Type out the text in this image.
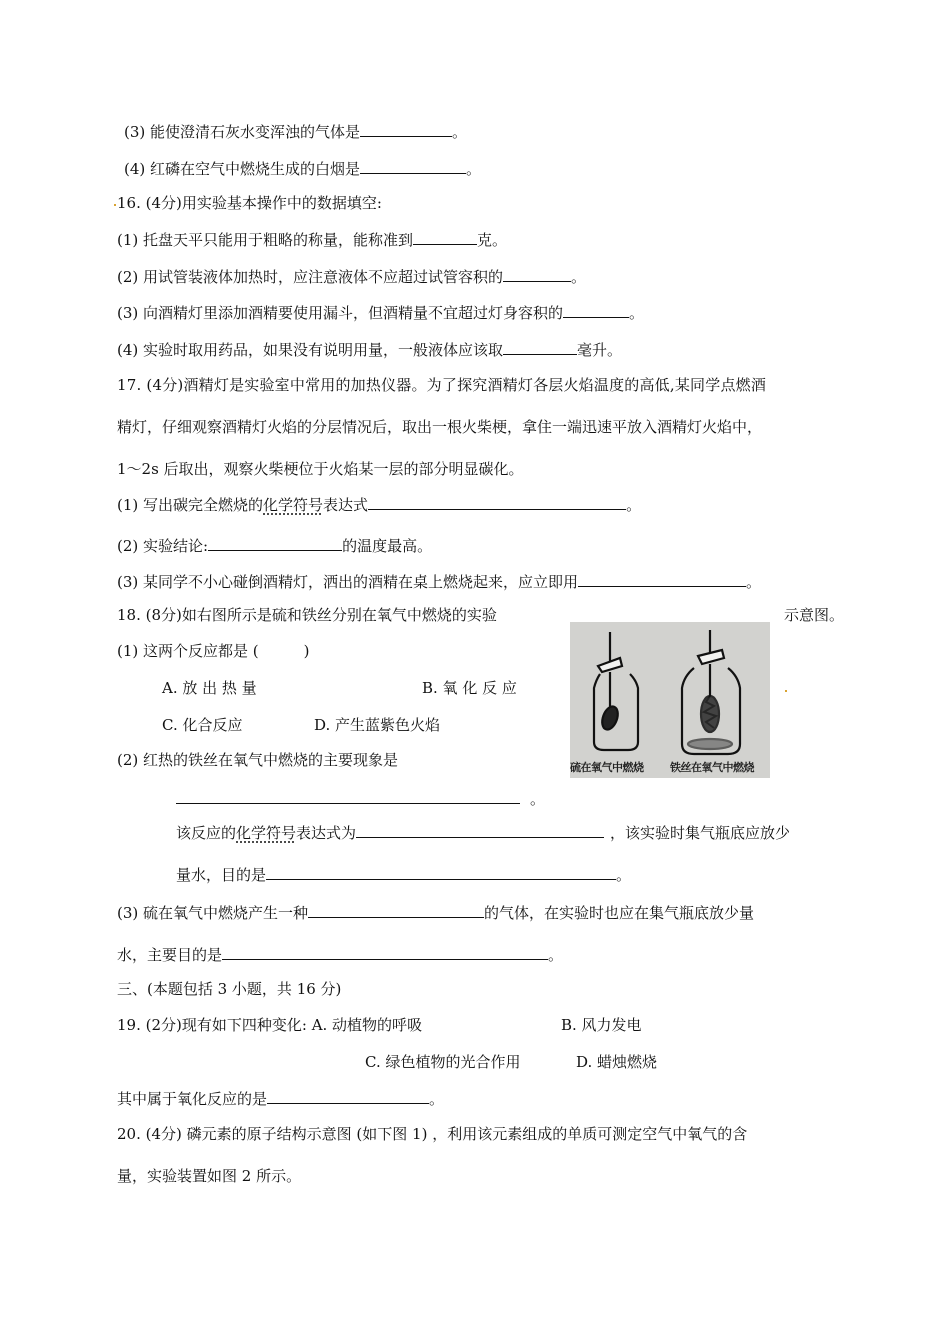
(3) 能使澄清石灰水变浑浊的气体是	。
(4) 红磷在空气中燃烧生成的白烟是	。
16. (4分)用实验基本操作中的数据填空:
(1) 托盘天平只能用于粗略的称量，能称准到	克。
(2) 用试管装液体加热时，应注意液体不应超过试管容积的	。
(3) 向酒精灯里添加酒精要使用漏斗，但酒精量不宜超过灯身容积的	。
(4) 实验时取用药品，如果没有说明用量，一般液体应该取	毫升。
17. (4分)酒精灯是实验室中常用的加热仪器。为了探究酒精灯各层火焰温度的高低,某同学点燃酒
精灯，仔细观察酒精灯火焰的分层情况后，取出一根火柴梗，拿住一端迅速平放入酒精灯火焰中，
1～2s 后取出，观察火柴梗位于火焰某一层的部分明显碳化。
(1) 写出碳完全燃烧的化学符号表达式	。
(2) 实验结论:	的温度最高。
(3) 某同学不小心碰倒酒精灯，洒出的酒精在桌上燃烧起来，应立即用	。
18. (8分)如右图所示是硫和铁丝分别在氧气中燃烧的实验	示意图。
(1) 这两个反应都是 (　　　)
A. 放 出 热 量	B. 氧 化 反 应
C. 化合反应	D. 产生蓝紫色火焰
硫在氧气中燃烧 铁丝在氧气中燃烧
(2) 红热的铁丝在氧气中燃烧的主要现象是
。
该反应的化学符号表达式为	，该实验时集气瓶底应放少
量水，目的是	。
(3) 硫在氧气中燃烧产生一种	的气体，在实验时也应在集气瓶底放少量
水，主要目的是	。
三、(本题包括 3 小题，共 16 分)
19. (2分)现有如下四种变化: A. 动植物的呼吸	B. 风力发电
C. 绿色植物的光合作用	D. 蜡烛燃烧
其中属于氧化反应的是	。
20. (4分) 磷元素的原子结构示意图 (如下图 1) ，利用该元素组成的单质可测定空气中氧气的含
量，实验装置如图 2 所示。
